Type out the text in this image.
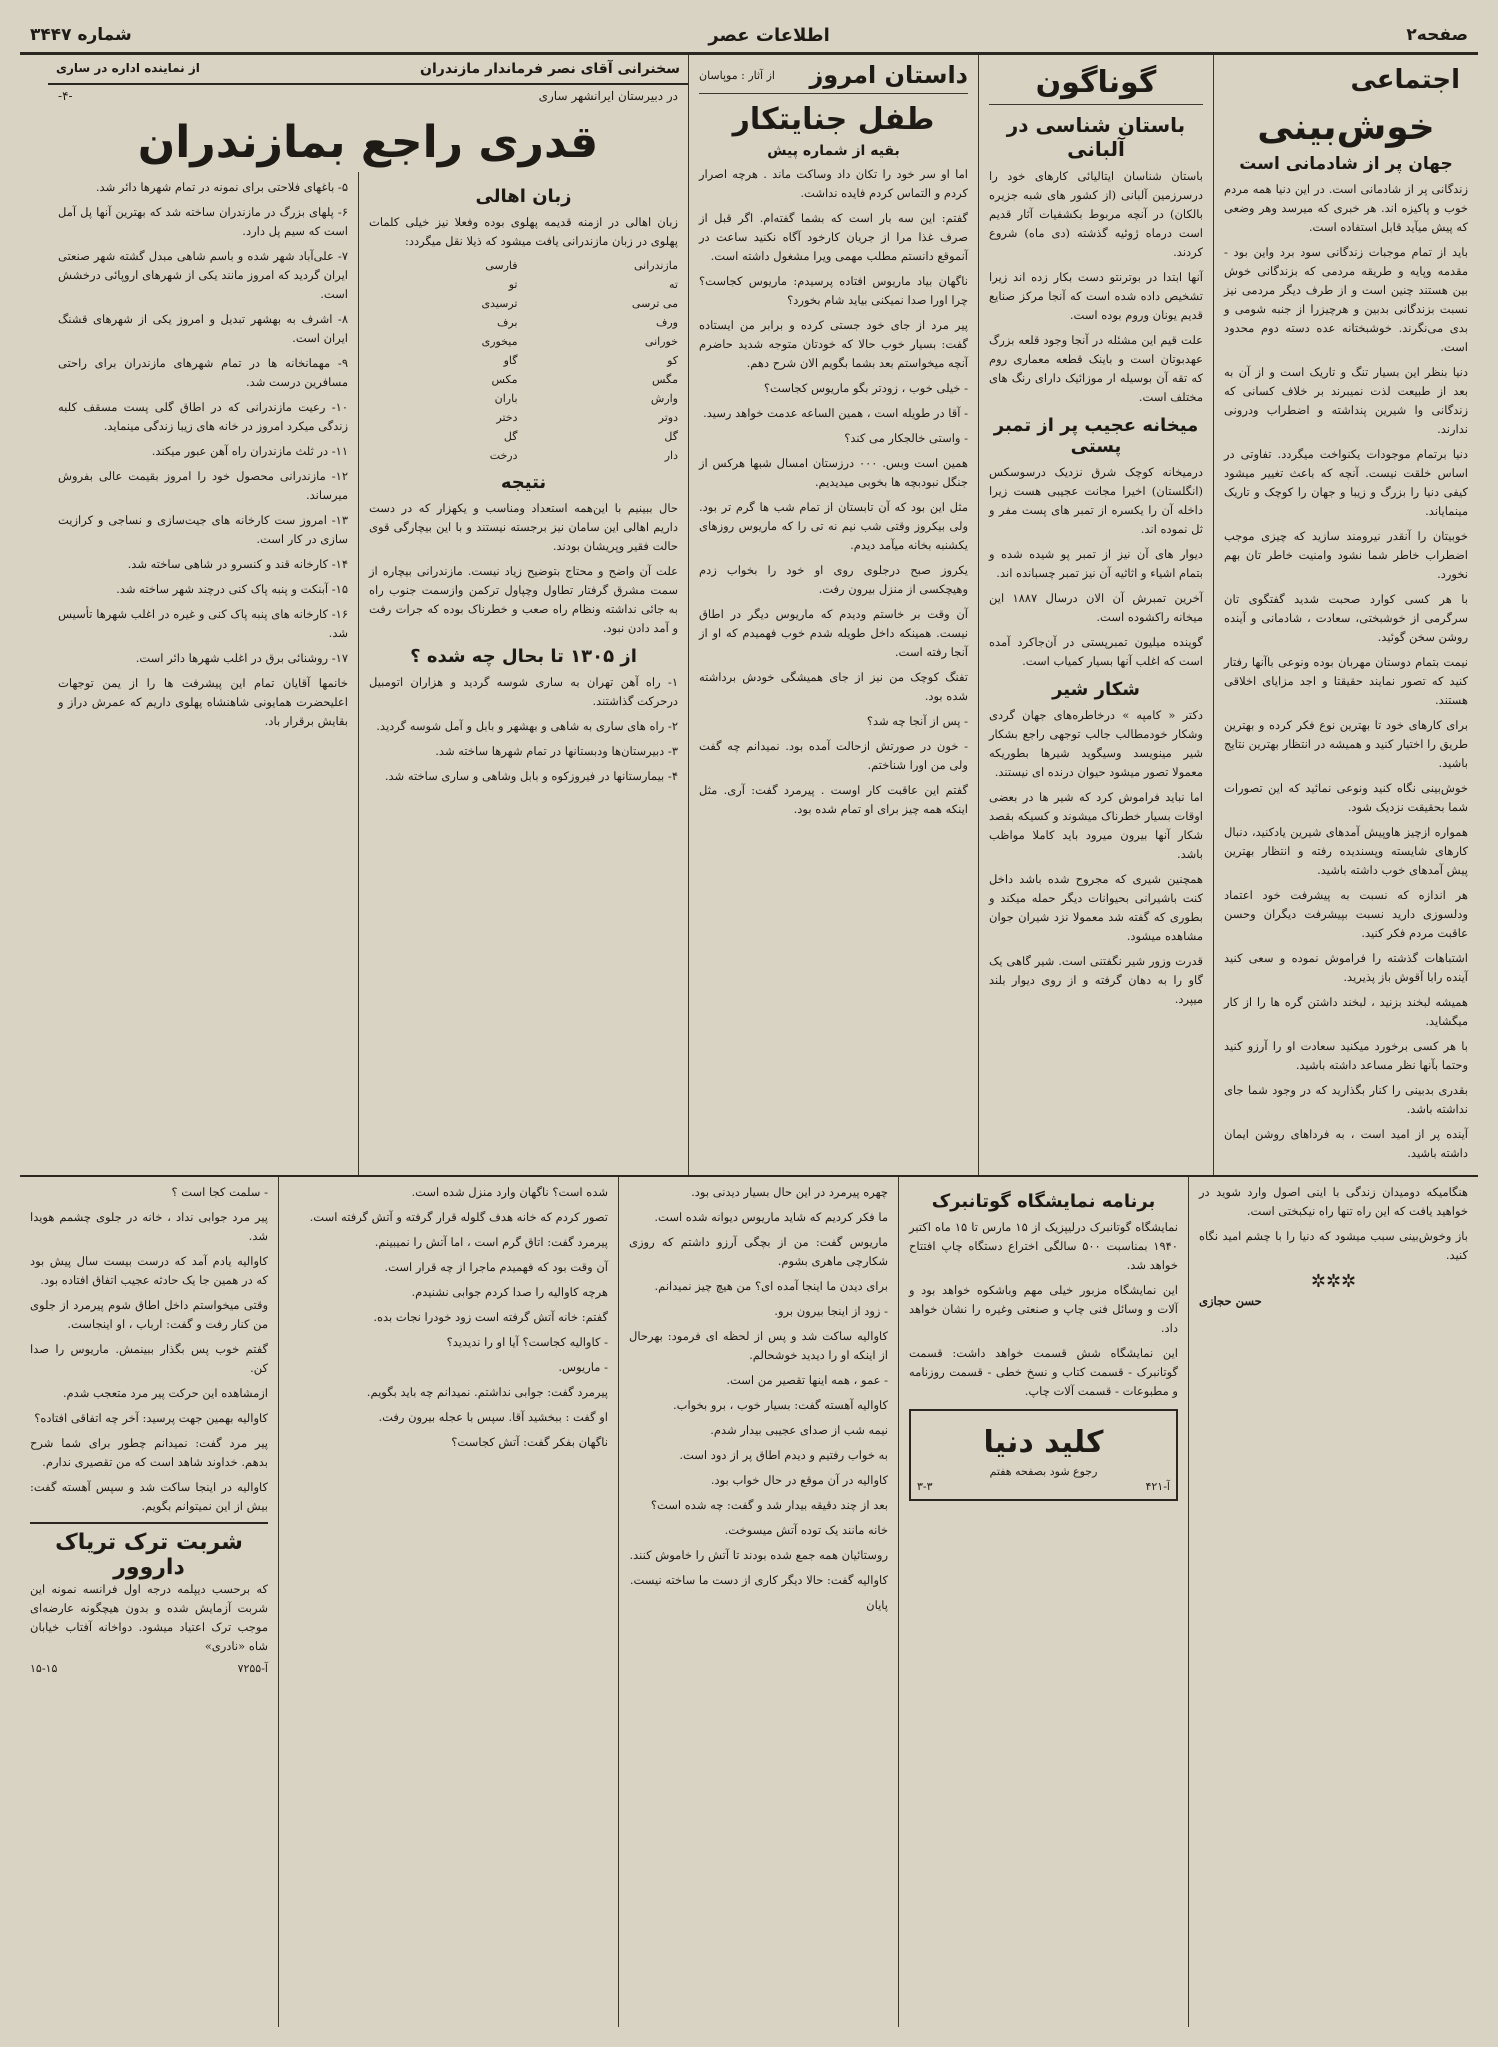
صفحه۲
اطلاعات عصر
شماره ۳۴۴۷
اجتماعی
خوش‌بینی
جهان پر از شادمانی است

زندگانی پر از شادمانی است. در این دنیا همه مردم خوب و پاکیزه اند. هر خبری که میرسد وهر وضعی که پیش میآید قابل استفاده است.

باید از تمام موجبات زندگانی سود برد واین بود - مقدمه وپایه و طریقه مردمی که بزندگانی خوش بین هستند چنین است و از طرف دیگر مردمی نیز نسبت بزندگانی بدبین و هرچیزرا از جنبه شومی و بدی می‌نگرند. خوشبختانه عده دسته دوم محدود است.

دنیا بنظر این بسیار تنگ و تاریک است و از آن به بعد از طبیعت لذت نمیبرند بر خلاف کسانی که زندگانی وا شیرین پنداشته و اضطراب ودرونی ندارند.

دنیا برتمام موجودات یکنواخت میگردد. تفاوتی در اساس خلقت نیست. آنچه که باعث تغییر میشود کیفی دنیا را بزرگ و زیبا و جهان را کوچک و تاریک مینمایاند.

خوبیتان را آنقدر نیرومند سازید که چیزی موجب اضطراب خاطر شما نشود وامنیت خاطر تان بهم نخورد.

با هر کسی کوارد صحبت شدید گفتگوی تان سرگرمی از خوشبختی، سعادت ، شادمانی و آینده روشن سخن گوئید.

نیمت بتمام دوستان مهربان بوده ونوعی باآنها رفتار کنید که تصور نمایند حقیقتا و اجد مزایای اخلاقی هستند.

برای کارهای خود تا بهترین نوع فکر کرده و بهترین طریق را اختیار کنید و همیشه در انتظار بهترین نتایج باشید.

خوش‌بینی نگاه کنید ونوعی نمائید که این تصورات شما بحقیقت نزدیک شود.

همواره ازچیز هاوپیش آمدهای شیرین یادکنید، دنبال کارهای شایسته وپسندیده رفته و انتظار بهترین پیش آمدهای خوب داشته باشید.

هر اندازه که نسبت به پیشرفت خود اعتماد ودلسوزی دارید نسبت بپیشرفت دیگران وحسن عاقبت مردم فکر کنید.

اشتباهات گذشته را فراموش نموده و سعی کنید آینده رابا آقوش باز پذیرید.

همیشه لبخند بزنید ، لبخند داشتن گره ها را از کار میگشاید.

با هر کسی برخورد میکنید سعادت او را آرزو کنید وحتما بآنها نظر مساعد داشته باشید.

بقدری بدبینی را کنار بگذارید که در وجود شما جای نداشته باشد.

آینده پر از امید است ، به فرداهای روشن ایمان داشته باشید.

گوناگون
باستان شناسی در آلبانی

باستان شناسان ایتالیائی کارهای خود را درسرزمین آلبانی (از کشور های شبه جزیره بالکان) در آنچه مربوط بکشفیات آثار قدیم است درماه ژوئیه گذشته (دی ماه) شروع کردند.

آنها ابتدا در بوترنتو دست بکار زده اند زیرا تشخیص داده شده است که آنجا مرکز صنایع قدیم یونان وروم بوده است.

علت قیم این مشئله در آنجا وجود قلعه بزرگ عهدبوتان است و باینک قطعه معماری روم که تقه آن بوسیله ار موزائیک دارای رنگ های مختلف است.

میخانه عجیب پر از تمبر پستی

درمیخانه کوچک شرق نزدیک درسوسکس (انگلستان) اخیرا مجانت عجیبی هست زیرا داخله آن را یکسره از تمبر های پست مفر و ثل نموده اند.

دیوار های آن نیز از تمبر پو شیده شده و بتمام اشیاء و اثاثیه آن نیز تمبر چسبانده اند.

آخرین تمبرش آن الان درسال ۱۸۸۷ این میخانه راکشوده است.

گوینده میلیون تمبرپستی در آن‌جاکرد آمده است که اغلب آنها بسیار کمیاب است.

شکار شیر

دکتر « کامپه » درخاطره‌های جهان گردی وشکار خودمطالب جالب توجهی راجع بشکار شیر مینویسد وسیگوید شیرها بطوریکه معمولا تصور میشود حیوان درنده ای نیستند.

اما نباید فراموش کرد که شیر ها در بعضی اوقات بسیار خطرناک میشوند و کسیکه بقصد شکار آنها بیرون میرود باید کاملا مواظب باشد.

همچنین شیری که مجروح شده باشد داخل کنت باشیرانی بحیوانات دیگر حمله میکند و بطوری که گفته شد معمولا نزد شیران جوان مشاهده میشود.

قدرت وزور شیر نگفتنی است. شیر گاهی یک گاو را به دهان گرفته و از روی دیوار بلند میپرد.

داستان امروز
از آثار : موپاسان
طفل جنایتکار
بقیه از شماره پیش

اما او سر خود را تکان داد وساکت ماند . هرچه اصرار کردم و التماس کردم فایده نداشت.

گفتم: این سه بار است که بشما گفته‌ام. اگر قبل از صرف غذا مرا از جریان کارخود آگاه نکنید ساعت در آنموقع دانستم مطلب مهمی ویرا مشغول داشته است.

ناگهان بیاد ماریوس افتاده پرسیدم: ماریوس کجاست؟ چرا اورا صدا نمیکنی بیاید شام بخورد؟

پیر مرد از جای خود جستی کرده و برابر من ایستاده گفت: بسیار خوب حالا که خودتان متوجه شدید حاضرم آنچه میخواستم بعد بشما بگویم الان شرح دهم.

- خیلی خوب ، زودتر بگو ماریوس کجاست؟

- آقا در طویله است ، همین الساعه عدمت خواهد رسید.

- واستی خالجکار می کند؟

همین است وبس. ۰۰۰ درزستان امسال شبها هرکس از جنگل نبودبچه ها بخوبی میدیدیم.

مثل این بود که آن تابستان از تمام شب ها گرم تر بود. ولی بیکروز وقتی شب نیم نه تی را که ماریوس روزهای یکشنبه بخانه میآمد دیدم.

یکروز صبح درجلوی روی او خود را بخواب زدم وهیچکسی از منزل بیرون رفت.

آن وقت بر خاستم ودیدم که ماریوس دیگر در اطاق نیست. همینکه داخل طویله شدم خوب فهمیدم که او از آنجا رفته است.

تفنگ کوچک من نیز از جای همیشگی خودش برداشته شده بود.

- پس از آنجا چه شد؟

- خون در صورتش ازحالت آمده بود. نمیدانم چه گفت ولی من اورا شناختم.

گفتم این عاقبت کار اوست . پیرمرد گفت: آری. مثل اینکه همه چیز برای او تمام شده بود.

سخنرانی آقای نصر فرماندار مازندران
از نماینده اداره در ساری
در دبیرستان ایرانشهر ساری
-۴-
قدری راجع بمازندران
زبان اهالی

زبان اهالی در ازمنه قدیمه پهلوی بوده وفعلا نیز خیلی کلمات پهلوی در زبان مازندرانی یافت میشود که ذیلا نقل میگردد:

مازندرانی
فارسی
ته
تو
می ترسی
ترسیدی
ورف
برف
خورانی
میخوری
کو
گاو
مگس
مکس
وارش
باران
دوتر
دختر
گل
گل
دار
درخت
نتیجه

حال ببینیم با این‌همه استعداد ومناسب و یکهزار که در دست داریم اهالی این سامان نیز برجسته نیستند و با این بیچارگی قوی حالت فقیر وپریشان بودند.

علت آن واضح و محتاج بتوضیح زیاد نیست. مازندرانی بیچاره از سمت مشرق گرفتار تطاول وچپاول ترکمن وازسمت جنوب راه به جائی نداشته ونظام راه صعب و خطرناک بوده که جرات رفت و آمد دادن نبود.

از ۱۳۰۵ تا بحال چه شده ؟

۱- راه آهن تهران به ساری شوسه گردید و هزاران اتومبیل درحرکت گذاشتند.

۲- راه های ساری به شاهی و بهشهر و بابل و آمل شوسه گردید.

۳- دبیرستان‌ها ودبستانها در تمام شهرها ساخته شد.

۴- بیمارستانها در فیروزکوه و بابل وشاهی و ساری ساخته شد.

۵- باغهای فلاحتی برای نمونه در تمام شهرها دائر شد.

۶- پلهای بزرگ در مازندران ساخته شد که بهترین آنها پل آمل است که سیم پل دارد.

۷- علی‌آباد شهر شده و باسم شاهی مبدل گشته شهر صنعتی ایران گردید که امروز مانند یکی از شهرهای اروپائی درخشش است.

۸- اشرف به بهشهر تبدیل و امروز یکی از شهرهای قشنگ ایران است.

۹- مهمانخانه ها در تمام شهرهای مازندران برای راحتی مسافرین درست شد.

۱۰- رعیت مازندرانی که در اطاق گلی پست مسقف کلبه زندگی میکرد امروز در خانه های زیبا زندگی مینماید.

۱۱- در ثلث مازندران راه آهن عبور میکند.

۱۲- مازندرانی محصول خود را امروز بقیمت عالی بفروش میرساند.

۱۳- امروز ست کارخانه های جیت‌سازی و نساجی و کرازیت سازی در کار است.

۱۴- کارخانه قند و کنسرو در شاهی ساخته شد.

۱۵- آبنکت و پنبه پاک کنی درچند شهر ساخته شد.

۱۶- کارخانه های پنبه پاک کنی و غیره در اغلب شهرها تأسیس شد.

۱۷- روشنائی برق در اغلب شهرها دائر است.

خانمها آقایان تمام این پیشرفت ها را از یمن توجهات اعلیحضرت همایونی شاهنشاه پهلوی داریم که عمرش دراز و بقایش برقرار باد.

هنگامیکه دومیدان زندگی با اینی اصول وارد شوید در خواهید یافت که این راه تنها راه نیکبختی است.

باز وخوش‌بینی سبب میشود که دنیا را با چشم امید نگاه کنید.

✲✲✲

حسن حجازی

برنامه نمایشگاه گوتانبرک

نمایشگاه گوتانبرک درلیپزیک از ۱۵ مارس تا ۱۵ ماه اکتبر ۱۹۴۰ بمناسبت ۵۰۰ سالگی اختراع دستگاه چاپ افتتاح خواهد شد.

این نمایشگاه مزبور خیلی مهم وباشکوه خواهد بود و آلات و وسائل فنی چاپ و صنعتی وغیره را نشان خواهد داد.

این نمایشگاه شش قسمت خواهد داشت: قسمت گوتانبرک - قسمت کتاب و نسخ خطی - قسمت روزنامه و مطبوعات - قسمت آلات چاپ.

کلید دنیا
رجوع شود بصفحه هفتم
آ-۴۲۱
۳-۳

چهره پیرمرد در این حال بسیار دیدنی بود.

ما فکر کردیم که شاید ماریوس دیوانه شده است.

ماریوس گفت: من از بچگی آرزو داشتم که روزی شکارچی ماهری بشوم.

برای دیدن ما اینجا آمده ای؟ من هیچ چیز نمیدانم.

- زود از اینجا بیرون برو.

کاوالیه ساکت شد و پس از لحظه ای فرمود: بهرحال از اینکه او را دیدید خوشحالم.

- عمو ، همه اینها تقصیر من است.

کاوالیه آهسته گفت: بسیار خوب ، برو بخواب.

نیمه شب از صدای عجیبی بیدار شدم.

به خواب رفتیم و دیدم اطاق پر از دود است.

کاوالیه در آن موقع در حال خواب بود.

بعد از چند دقیقه بیدار شد و گفت: چه شده است؟

خانه مانند یک توده آتش میسوخت.

روستائیان همه جمع شده بودند تا آتش را خاموش کنند.

کاوالیه گفت: حالا دیگر کاری از دست ما ساخته نیست.

پایان

شده است؟ ناگهان وارد منزل شده است.

تصور کردم که خانه هدف گلوله قرار گرفته و آتش گرفته است.

پیرمرد گفت: اتاق گرم است ، اما آتش را نمیبینم.

آن وقت بود که فهمیدم ماجرا از چه قرار است.

هرچه کاوالیه را صدا کردم جوابی نشنیدم.

گفتم: خانه آتش گرفته است زود خودرا نجات بده.

- کاوالیه کجاست؟ آیا او را ندیدید؟

- ماریوس.

پیرمرد گفت: جوابی نداشتم. نمیدانم چه باید بگویم.

او گفت : ببخشید آقا. سپس با عجله بیرون رفت.

ناگهان بفکر گفت: آتش کجاست؟

- سلمت کجا است ؟

پیر مرد جوابی نداد ، خانه در جلوی چشمم هویدا شد.

کاوالیه یادم آمد که درست بیست سال پیش بود که در همین جا یک حادثه عجیب اتفاق افتاده بود.

وقتی میخواستم داخل اطاق شوم پیرمرد از جلوی من کنار رفت و گفت: ارباب ، او اینجاست.

گفتم خوب پس بگذار ببینمش. ماریوس را صدا کن.

ازمشاهده این حرکت پیر مرد متعجب شدم.

کاوالیه بهمین جهت پرسید: آخر چه اتفاقی افتاده؟

پیر مرد گفت: نمیدانم چطور برای شما شرح بدهم. خداوند شاهد است که من تقصیری ندارم.

کاوالیه در اینجا ساکت شد و سپس آهسته گفت: بیش از این نمیتوانم بگویم.

شربت ترک تریاک داروور

که برحسب دیپلمه درجه اول فرانسه نمونه این شربت آزمایش شده و بدون هیچگونه عارضه‌ای موجب ترک اعتیاد میشود. دواخانه آفتاب خیابان شاه «نادری»

آ-۷۲۵۵
۱۵-۱۵
